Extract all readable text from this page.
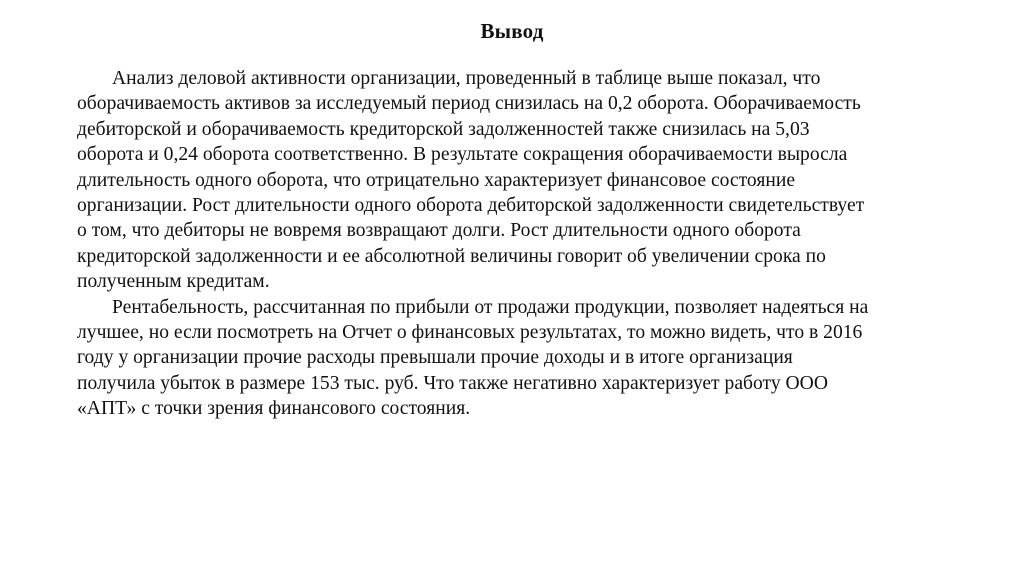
Вывод

Анализ деловой активности организации, проведенный в таблице выше показал, что
оборачиваемость активов за исследуемый период снизилась на 0,2 оборота. Оборачиваемость
дебиторской и оборачиваемость кредиторской задолженностей также снизилась на 5,03
оборота и 0,24 оборота соответственно. В результате сокращения оборачиваемости выросла
длительность одного оборота, что отрицательно характеризует финансовое состояние
организации. Рост длительности одного оборота дебиторской задолженности свидетельствует
о том, что дебиторы не вовремя возвращают долги. Рост длительности одного оборота
кредиторской задолженности и ее абсолютной величины говорит об увеличении срока по
полученным кредитам.

Рентабельность, рассчитанная по прибыли от продажи продукции, позволяет надеяться на
лучшее, но если посмотреть на Отчет о финансовых результатах, то можно видеть, что в 2016
году у организации прочие расходы превышали прочие доходы и в итоге организация
получила убыток в размере 153 тыс. руб. Что также негативно характеризует работу ООО
«АПТ» с точки зрения финансового состояния.
